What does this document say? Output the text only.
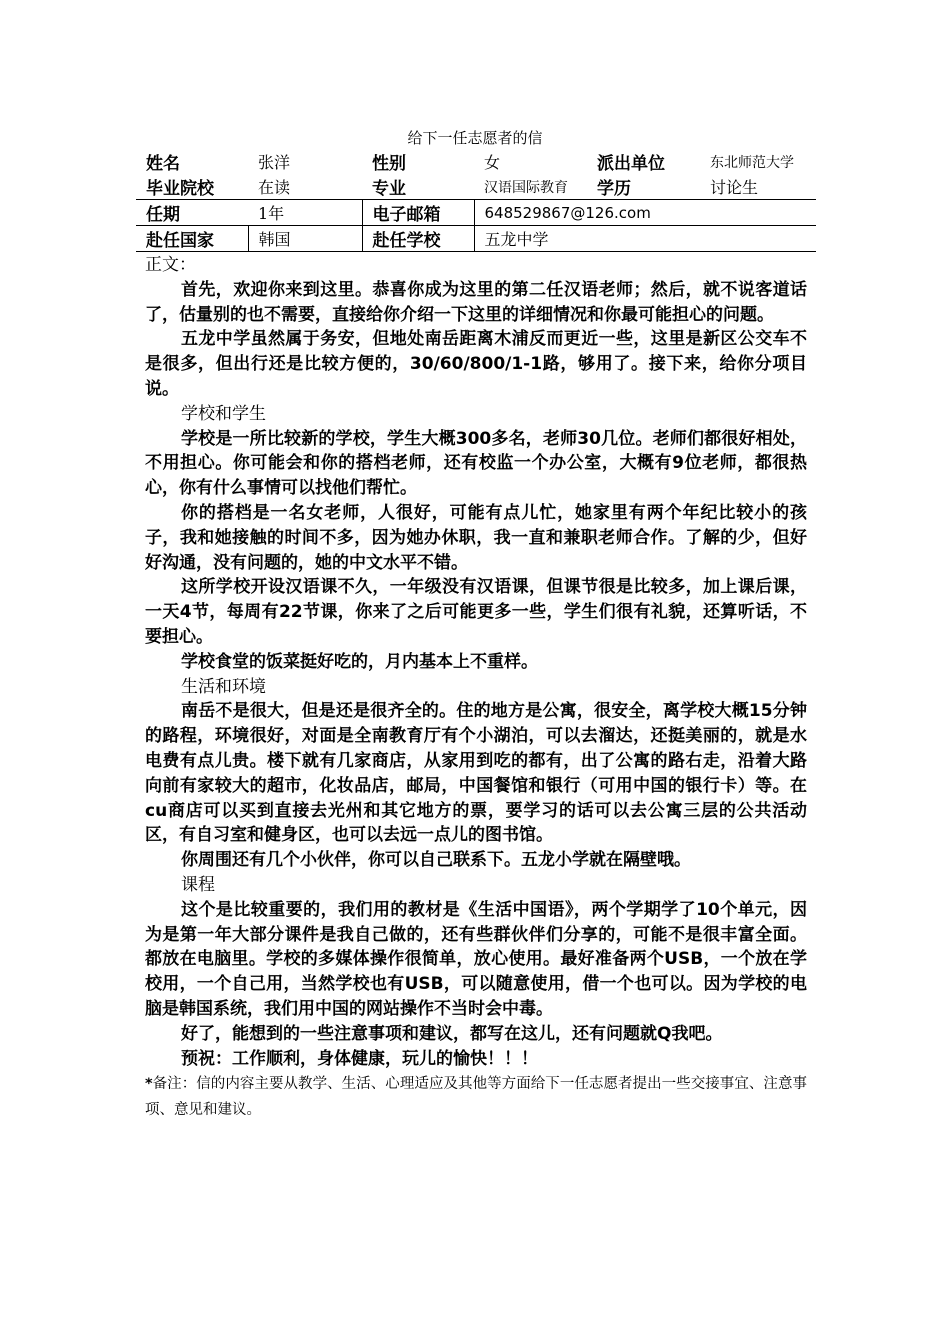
给下一任志愿者的信
姓名	张洋	性别	女	派出单位	东北师范大学
毕业院校	在读	专业	汉语国际教育	学历	讨论生
任期	1年	电子邮箱	648529867@126.com		
赴任国家	韩国	赴任学校	五龙中学		

正文：

首先，欢迎你来到这里。恭喜你成为这里的第二任汉语老师；然后，就不说客道话了，估量别的也不需要，直接给你介绍一下这里的详细情况和你最可能担心的问题。

五龙中学虽然属于务安，但地处南岳距离木浦反而更近一些，这里是新区公交车不是很多，但出行还是比较方便的，30/60/800/1-1路，够用了。接下来，给你分项目说。

学校和学生

学校是一所比较新的学校，学生大概300多名，老师30几位。老师们都很好相处，不用担心。你可能会和你的搭档老师，还有校监一个办公室，大概有9位老师，都很热心，你有什么事情可以找他们帮忙。

你的搭档是一名女老师，人很好，可能有点儿忙，她家里有两个年纪比较小的孩子，我和她接触的时间不多，因为她办休职，我一直和兼职老师合作。了解的少，但好好沟通，没有问题的，她的中文水平不错。

这所学校开设汉语课不久，一年级没有汉语课，但课节很是比较多，加上课后课，一天4节，每周有22节课，你来了之后可能更多一些，学生们很有礼貌，还算听话，不要担心。

学校食堂的饭菜挺好吃的，月内基本上不重样。

生活和环境

南岳不是很大，但是还是很齐全的。住的地方是公寓，很安全，离学校大概15分钟的路程，环境很好，对面是全南教育厅有个小湖泊，可以去溜达，还挺美丽的，就是水电费有点儿贵。楼下就有几家商店，从家用到吃的都有，出了公寓的路右走，沿着大路向前有家较大的超市，化妆品店，邮局，中国餐馆和银行（可用中国的银行卡）等。在cu商店可以买到直接去光州和其它地方的票，要学习的话可以去公寓三层的公共活动区，有自习室和健身区，也可以去远一点儿的图书馆。

你周围还有几个小伙伴，你可以自己联系下。五龙小学就在隔壁哦。

课程

这个是比较重要的，我们用的教材是《生活中国语》，两个学期学了10个单元，因为是第一年大部分课件是我自己做的，还有些群伙伴们分享的，可能不是很丰富全面。都放在电脑里。学校的多媒体操作很简单，放心使用。最好准备两个USB，一个放在学校用，一个自己用，当然学校也有USB，可以随意使用，借一个也可以。因为学校的电脑是韩国系统，我们用中国的网站操作不当时会中毒。

好了，能想到的一些注意事项和建议，都写在这儿，还有问题就Q我吧。

预祝：工作顺利，身体健康，玩儿的愉快！！！

*备注：信的内容主要从教学、生活、心理适应及其他等方面给下一任志愿者提出一些交接事宜、注意事项、意见和建议。
